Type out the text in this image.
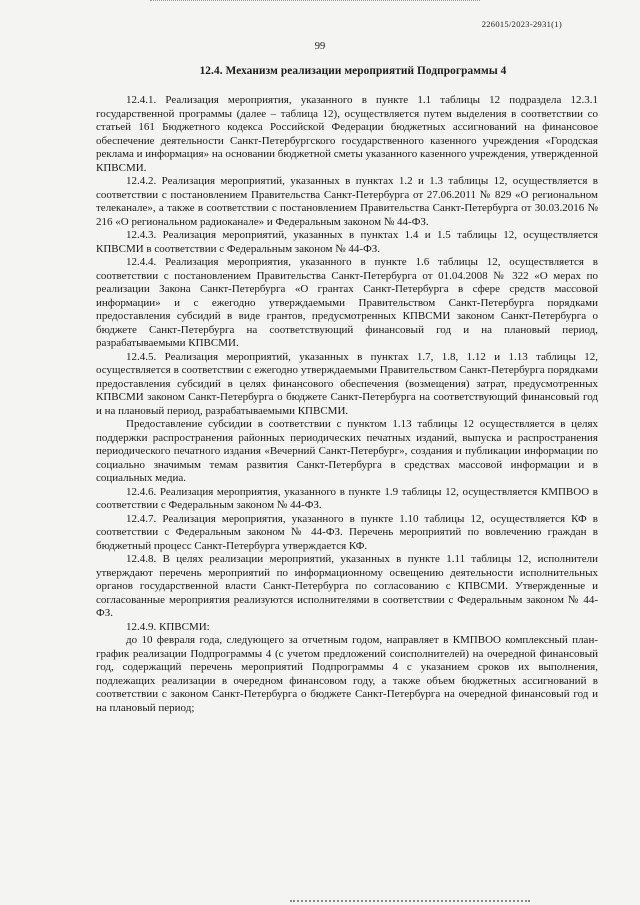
226015/2023-2931(1)
99
12.4. Механизм реализации мероприятий Подпрограммы 4

12.4.1. Реализация мероприятия, указанного в пункте 1.1 таблицы 12 подраздела 12.3.1 государственной программы (далее – таблица 12), осуществляется путем выделения в соответствии со статьей 161 Бюджетного кодекса Российской Федерации бюджетных ассигнований на финансовое обеспечение деятельности Санкт-Петербургского государственного казенного учреждения «Городская реклама и информация» на основании бюджетной сметы указанного казенного учреждения, утвержденной КПВСМИ.

12.4.2. Реализация мероприятий, указанных в пунктах 1.2 и 1.3 таблицы 12, осуществляется в соответствии с постановлением Правительства Санкт-Петербурга от 27.06.2011 № 829 «О региональном телеканале», а также в соответствии с постановлением Правительства Санкт-Петербурга от 30.03.2016 № 216 «О региональном радиоканале» и Федеральным законом № 44-ФЗ.

12.4.3. Реализация мероприятий, указанных в пунктах 1.4 и 1.5 таблицы 12, осуществляется КПВСМИ в соответствии с Федеральным законом № 44-ФЗ.

12.4.4. Реализация мероприятия, указанного в пункте 1.6 таблицы 12, осуществляется в соответствии с постановлением Правительства Санкт-Петербурга от 01.04.2008 № 322 «О мерах по реализации Закона Санкт-Петербурга «О грантах Санкт-Петербурга в сфере средств массовой информации» и с ежегодно утверждаемыми Правительством Санкт-Петербурга порядками предоставления субсидий в виде грантов, предусмотренных КПВСМИ законом Санкт-Петербурга о бюджете Санкт-Петербурга на соответствующий финансовый год и на плановый период, разрабатываемыми КПВСМИ.

12.4.5. Реализация мероприятий, указанных в пунктах 1.7, 1.8, 1.12 и 1.13 таблицы 12, осуществляется в соответствии с ежегодно утверждаемыми Правительством Санкт-Петербурга порядками предоставления субсидий в целях финансового обеспечения (возмещения) затрат, предусмотренных КПВСМИ законом Санкт-Петербурга о бюджете Санкт-Петербурга на соответствующий финансовый год и на плановый период, разрабатываемыми КПВСМИ.

Предоставление субсидии в соответствии с пунктом 1.13 таблицы 12 осуществляется в целях поддержки распространения районных периодических печатных изданий, выпуска и распространения периодического печатного издания «Вечерний Санкт-Петербург», создания и публикации информации по социально значимым темам развития Санкт-Петербурга в средствах массовой информации и в социальных медиа.

12.4.6. Реализация мероприятия, указанного в пункте 1.9 таблицы 12, осуществляется КМПВОО в соответствии с Федеральным законом № 44-ФЗ.

12.4.7. Реализация мероприятия, указанного в пункте 1.10 таблицы 12, осуществляется КФ в соответствии с Федеральным законом № 44-ФЗ. Перечень мероприятий по вовлечению граждан в бюджетный процесс Санкт-Петербурга утверждается КФ.

12.4.8. В целях реализации мероприятий, указанных в пункте 1.11 таблицы 12, исполнители утверждают перечень мероприятий по информационному освещению деятельности исполнительных органов государственной власти Санкт-Петербурга по согласованию с КПВСМИ. Утвержденные и согласованные мероприятия реализуются исполнителями в соответствии с Федеральным законом № 44-ФЗ.

12.4.9. КПВСМИ:

до 10 февраля года, следующего за отчетным годом, направляет в КМПВОО комплексный план-график реализации Подпрограммы 4 (с учетом предложений соисполнителей) на очередной финансовый год, содержащий перечень мероприятий Подпрограммы 4 с указанием сроков их выполнения, подлежащих реализации в очередном финансовом году, а также объем бюджетных ассигнований в соответствии с законом Санкт-Петербурга о бюджете Санкт-Петербурга на очередной финансовый год и на плановый период;
